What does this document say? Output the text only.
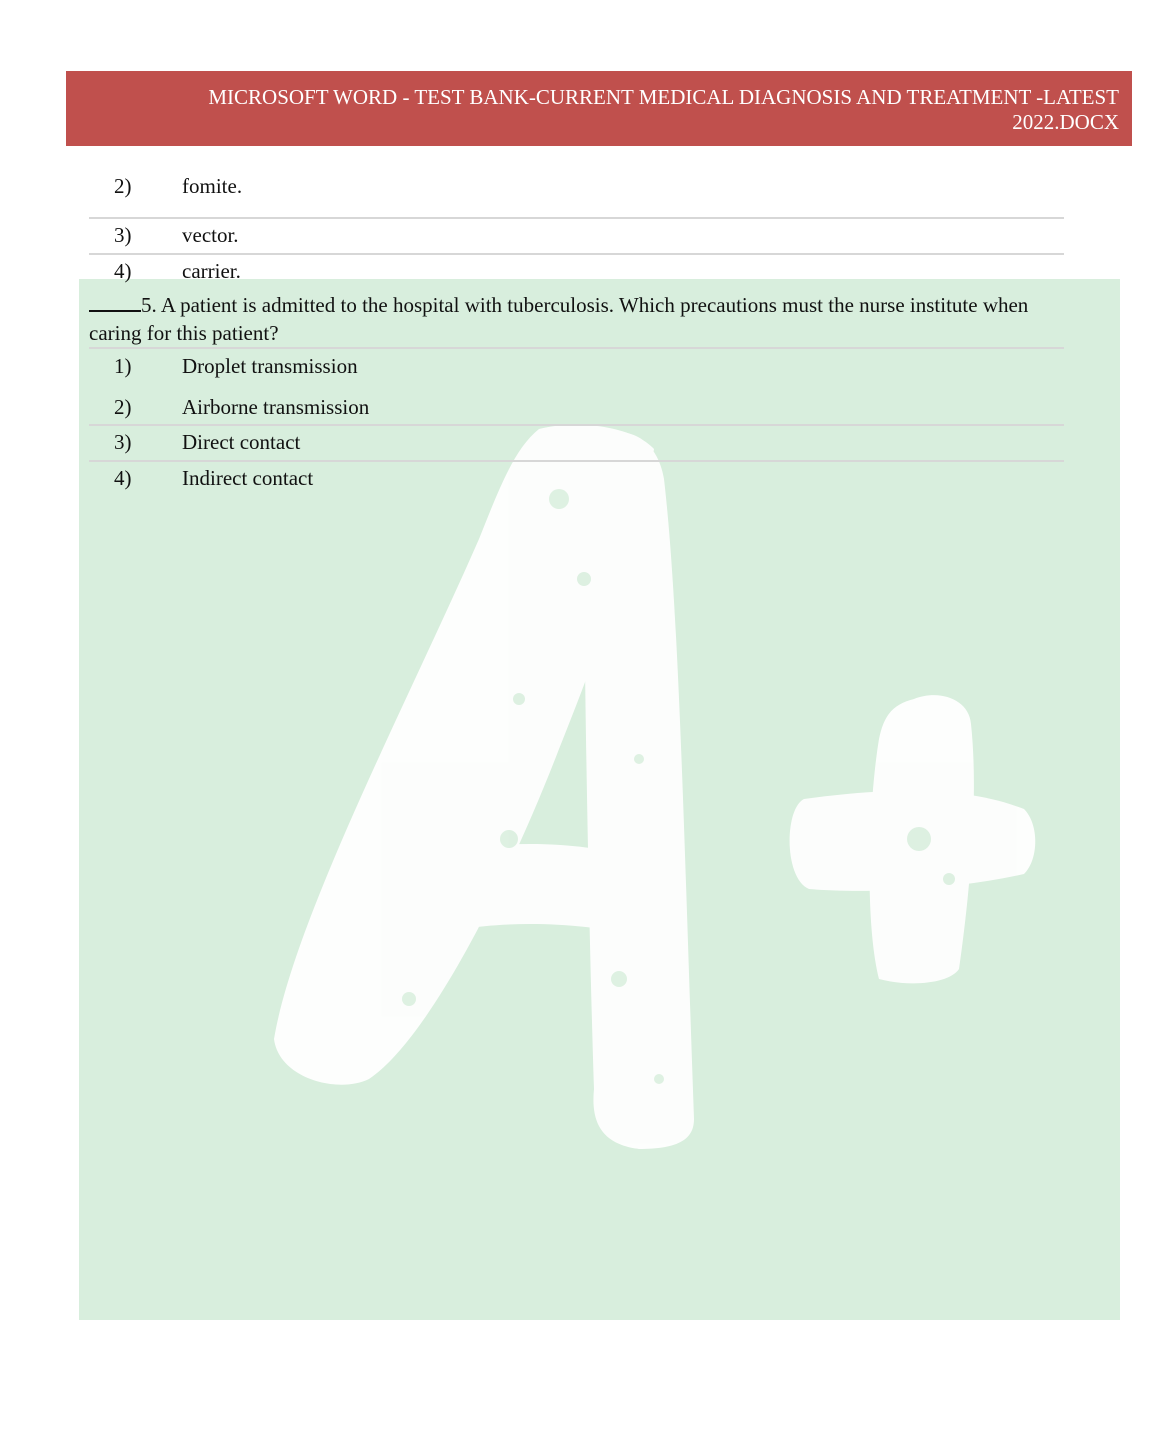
MICROSOFT WORD - TEST BANK-CURRENT MEDICAL DIAGNOSIS AND TREATMENT -LATEST 2022.DOCX
2) fomite.
3) vector.
4) carrier.
5. A patient is admitted to the hospital with tuberculosis. Which precautions must the nurse institute when caring for this patient?
1) Droplet transmission
2) Airborne transmission
3) Direct contact
4) Indirect contact
